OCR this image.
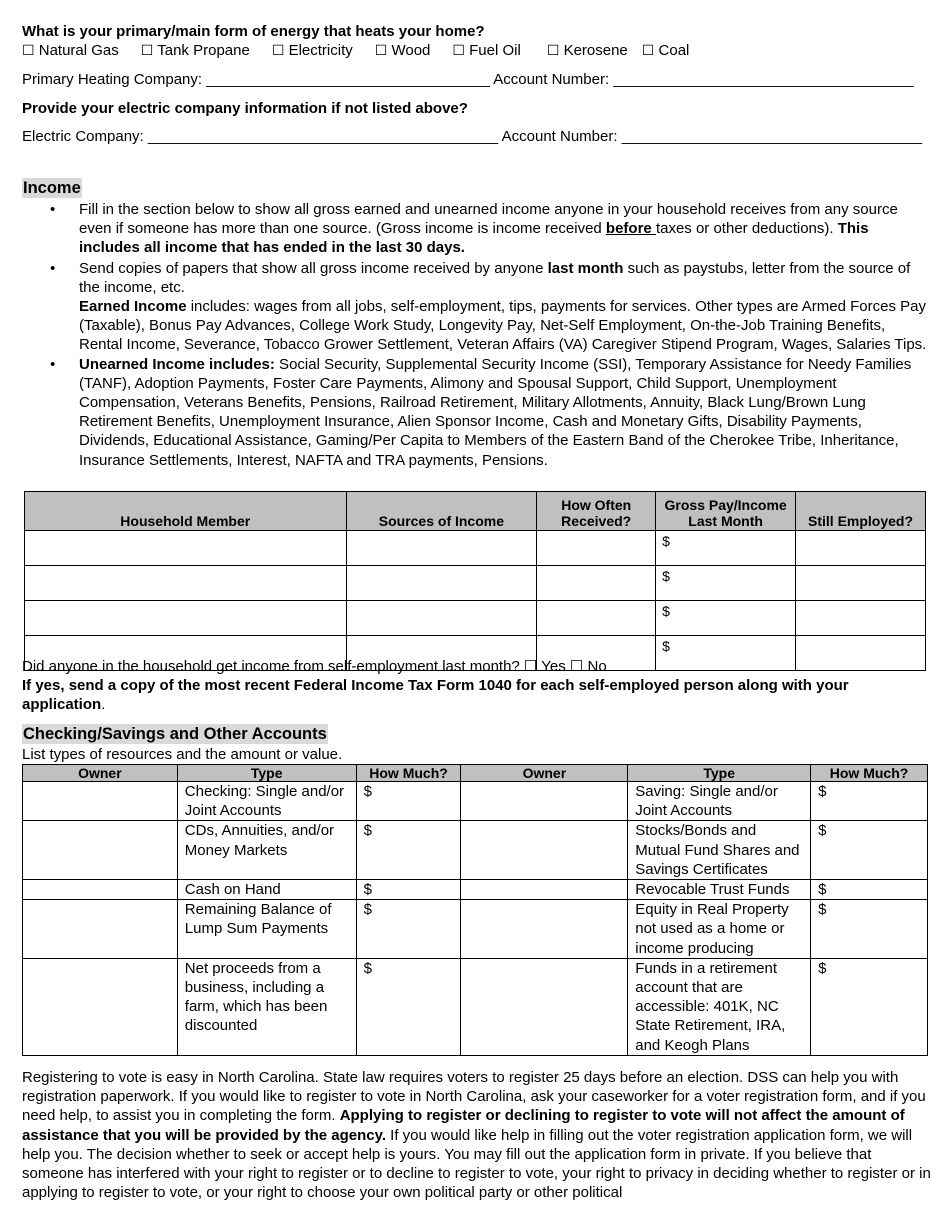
What is your primary/main form of energy that heats your home?
☐ Natural Gas ☐ Tank Propane ☐ Electricity ☐ Wood ☐ Fuel Oil ☐ Kerosene ☐ Coal
Primary Heating Company: __________________________________ Account Number: ____________________________________
Provide your electric company information if not listed above?
Electric Company: __________________________________________ Account Number: ____________________________________
Income
• Fill in the section below to show all gross earned and unearned income anyone in your household receives from any source even if someone has more than one source. (Gross income is income received before taxes or other deductions). This includes all income that has ended in the last 30 days.
• Send copies of papers that show all gross income received by anyone last month such as paystubs, letter from the source of the income, etc.
Earned Income includes: wages from all jobs, self-employment, tips, payments for services. Other types are Armed Forces Pay (Taxable), Bonus Pay Advances, College Work Study, Longevity Pay, Net-Self Employment, On-the-Job Training Benefits, Rental Income, Severance, Tobacco Grower Settlement, Veteran Affairs (VA) Caregiver Stipend Program, Wages, Salaries Tips.
• Unearned Income includes: Social Security, Supplemental Security Income (SSI), Temporary Assistance for Needy Families (TANF), Adoption Payments, Foster Care Payments, Alimony and Spousal Support, Child Support, Unemployment Compensation, Veterans Benefits, Pensions, Railroad Retirement, Military Allotments, Annuity, Black Lung/Brown Lung Retirement Benefits, Unemployment Insurance, Alien Sponsor Income, Cash and Monetary Gifts, Disability Payments, Dividends, Educational Assistance, Gaming/Per Capita to Members of the Eastern Band of the Cherokee Tribe, Inheritance, Insurance Settlements, Interest, NAFTA and TRA payments, Pensions.
Household Member	Sources of Income	How Often Received?	Gross Pay/Income Last Month	Still Employed?
			$	
			$	
			$	
			$	
Did anyone in the household get income from self-employment last month? ☐ Yes ☐ No
If yes, send a copy of the most recent Federal Income Tax Form 1040 for each self-employed person along with your application.
Checking/Savings and Other Accounts
List types of resources and the amount or value.
Owner	Type	How Much?	Owner	Type	How Much?
	Checking: Single and/or Joint Accounts	$		Saving: Single and/or Joint Accounts	$
	CDs, Annuities, and/or Money Markets	$		Stocks/Bonds and Mutual Fund Shares and Savings Certificates	$
	Cash on Hand	$		Revocable Trust Funds	$
	Remaining Balance of Lump Sum Payments	$		Equity in Real Property not used as a home or income producing	$
	Net proceeds from a business, including a farm, which has been discounted	$		Funds in a retirement account that are accessible: 401K, NC State Retirement, IRA, and Keogh Plans	$
Registering to vote is easy in North Carolina. State law requires voters to register 25 days before an election. DSS can help you with registration paperwork. If you would like to register to vote in North Carolina, ask your caseworker for a voter registration form, and if you need help, to assist you in completing the form. Applying to register or declining to register to vote will not affect the amount of assistance that you will be provided by the agency. If you would like help in filling out the voter registration application form, we will help you. The decision whether to seek or accept help is yours. You may fill out the application form in private. If you believe that someone has interfered with your right to register or to decline to register to vote, your right to privacy in deciding whether to register or in applying to register to vote, or your right to choose your own political party or other political
